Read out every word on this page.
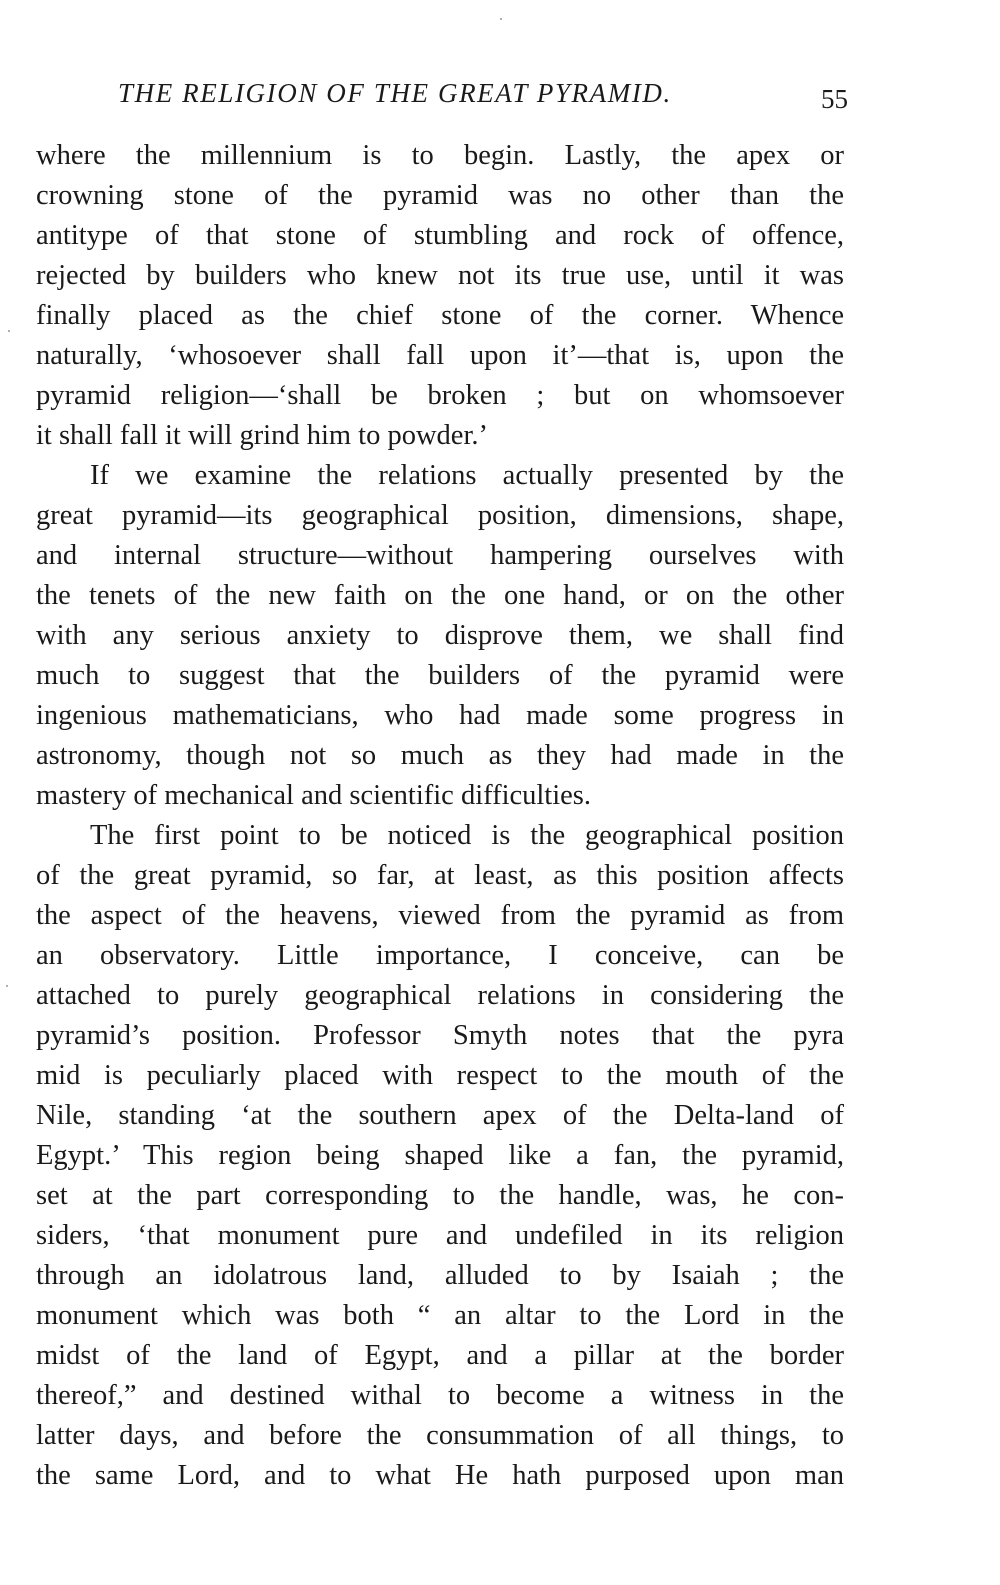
THE RELIGION OF THE GREAT PYRAMID.	55
where the millennium is to begin. Lastly, the apex or
crowning stone of the pyramid was no other than the
antitype of that stone of stumbling and rock of offence,
rejected by builders who knew not its true use, until it was
finally placed as the chief stone of the corner. Whence
naturally, ‘whosoever shall fall upon it’—that is, upon the
pyramid religion—‘shall be broken ; but on whomsoever
it shall fall it will grind him to powder.’
If we examine the relations actually presented by the
great pyramid—its geographical position, dimensions, shape,
and internal structure—without hampering ourselves with
the tenets of the new faith on the one hand, or on the other
with any serious anxiety to disprove them, we shall find
much to suggest that the builders of the pyramid were
ingenious mathematicians, who had made some progress in
astronomy, though not so much as they had made in the
mastery of mechanical and scientific difficulties.
The first point to be noticed is the geographical position
of the great pyramid, so far, at least, as this position affects
the aspect of the heavens, viewed from the pyramid as from
an observatory. Little importance, I conceive, can be
attached to purely geographical relations in considering the
pyramid’s position. Professor Smyth notes that the pyra
mid is peculiarly placed with respect to the mouth of the
Nile, standing ‘at the southern apex of the Delta-land of
Egypt.’ This region being shaped like a fan, the pyramid,
set at the part corresponding to the handle, was, he con-
siders, ‘that monument pure and undefiled in its religion
through an idolatrous land, alluded to by Isaiah ; the
monument which was both “ an altar to the Lord in the
midst of the land of Egypt, and a pillar at the border
thereof,” and destined withal to become a witness in the
latter days, and before the consummation of all things, to
the same Lord, and to what He hath purposed upon man
